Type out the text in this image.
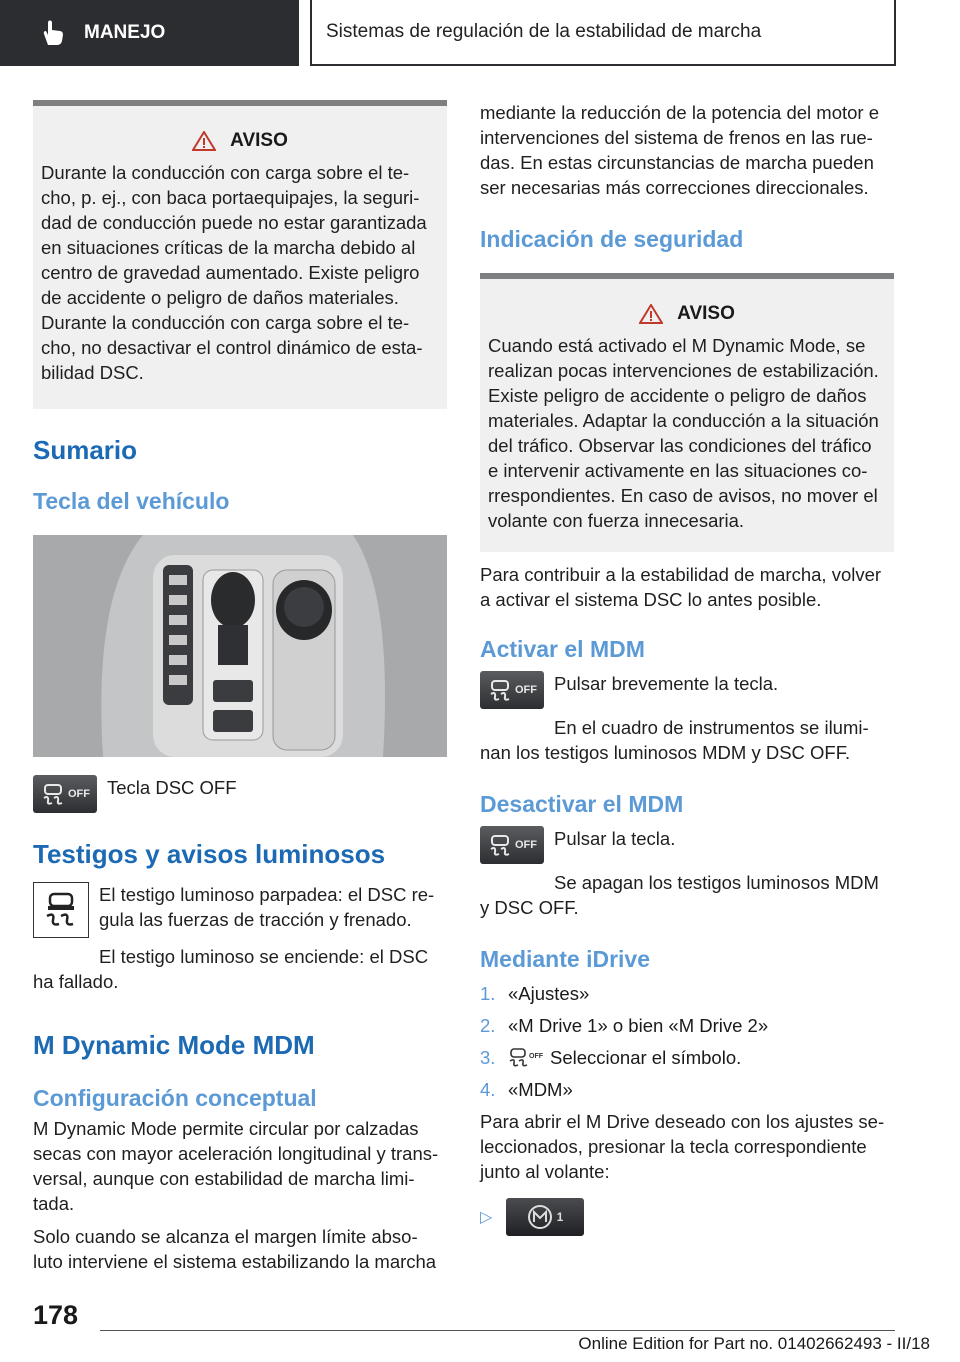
MANEJO	Sistemas de regulación de la estabilidad de marcha
AVISO
Durante la conducción con carga sobre el te‐cho, p. ej., con baca portaequipajes, la seguri‐dad de conducción puede no estar garantizada en situaciones críticas de la marcha debido al centro de gravedad aumentado. Existe peligro de accidente o peligro de daños materiales. Durante la conducción con carga sobre el te‐cho, no desactivar el control dinámico de esta‐bilidad DSC.
Sumario
Tecla del vehículo
OFF Tecla DSC OFF

Testigos y avisos luminosos

El testigo luminoso parpadea: el DSC re‐gula las fuerzas de tracción y frenado.

El testigo luminoso se enciende: el DSC

ha fallado.

M Dynamic Mode MDM
Configuración conceptual

M Dynamic Mode permite circular por calzadas secas con mayor aceleración longitudinal y trans‐versal, aunque con estabilidad de marcha limi‐tada.

Solo cuando se alcanza el margen límite abso‐luto interviene el sistema estabilizando la marcha

mediante la reducción de la potencia del motor e intervenciones del sistema de frenos en las rue‐das. En estas circunstancias de marcha pueden ser necesarias más correcciones direccionales.

Indicación de seguridad
AVISO
Cuando está activado el M Dynamic Mode, se realizan pocas intervenciones de estabilización. Existe peligro de accidente o peligro de daños materiales. Adaptar la conducción a la situación del tráfico. Observar las condiciones del tráfico e intervenir activamente en las situaciones co‐rrespondientes. En caso de avisos, no mover el volante con fuerza innecesaria.

Para contribuir a la estabilidad de marcha, volver a activar el sistema DSC lo antes posible.

Activar el MDM
OFF Pulsar brevemente la tecla.

En el cuadro de instrumentos se ilumi‐

nan los testigos luminosos MDM y DSC OFF.

Desactivar el MDM
OFF Pulsar la tecla.

Se apagan los testigos luminosos MDM

y DSC OFF.

Mediante iDrive
1. «Ajustes»
2. «M Drive 1» o bien «M Drive 2»
3.	OFF Seleccionar el símbolo.
4. «MDM»

Para abrir el M Drive deseado con los ajustes se‐leccionados, presionar la tecla correspondiente junto al volante:

▷	1
178
Online Edition for Part no. 01402662493 - II/18
